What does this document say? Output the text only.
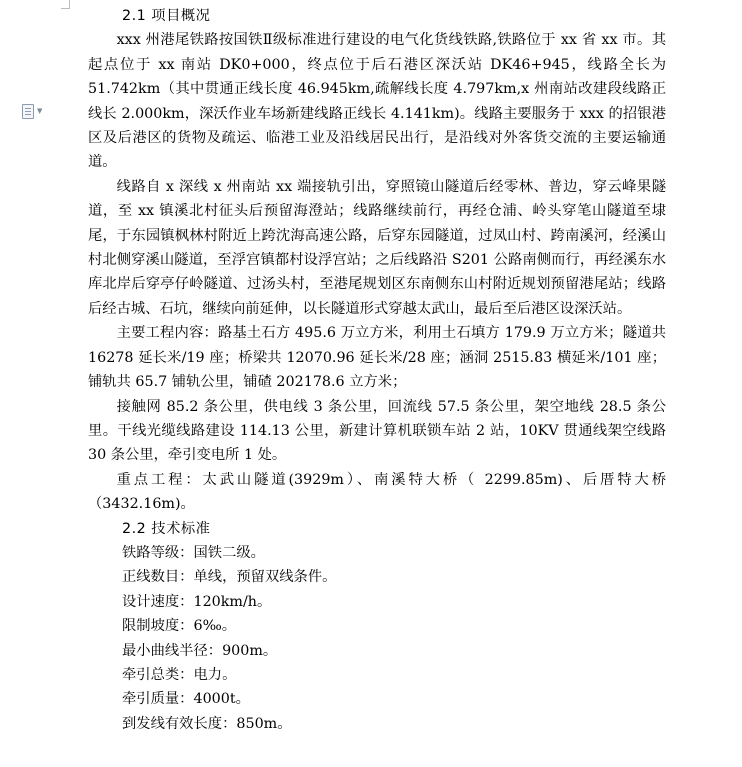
▼
2.1 项目概况

xxx 州港尾铁路按国铁Ⅱ级标准进行建设的电气化货线铁路,铁路位于 xx 省 xx 市。其起点位于 xx 南站 DK0+000，终点位于后石港区深沃站 DK46+945，线路全长为 51.742km（其中贯通正线长度 46.945km,疏解线长度 4.797km,x 州南站改建段线路正线长 2.000km，深沃作业车场新建线路正线长 4.141km)。线路主要服务于 xxx 的招银港区及后港区的货物及疏运、临港工业及沿线居民出行，是沿线对外客货交流的主要运输通道。

线路自 x 深线 x 州南站 xx 端接轨引出，穿照镜山隧道后经零林、普边，穿云峰果隧道，至 xx 镇溪北村征头后预留海澄站；线路继续前行，再经仓浦、岭头穿笔山隧道至埭尾，于东园镇枫林村附近上跨沈海高速公路，后穿东园隧道，过凤山村、跨南溪河，经溪山村北侧穿溪山隧道，至浮宫镇都村设浮宫站；之后线路沿 S201 公路南侧而行，再经溪东水库北岸后穿亭仔岭隧道、过汤头村，至港尾规划区东南侧东山村附近规划预留港尾站；线路后经古城、石坑，继续向前延伸，以长隧道形式穿越太武山，最后至后港区设深沃站。

主要工程内容：路基土石方 495.6 万立方米，利用土石填方 179.9 万立方米；隧道共 16278 延长米/19 座；桥梁共 12070.96 延长米/28 座；涵洞 2515.83 横延米/101 座；铺轨共 65.7 铺轨公里，铺碴 202178.6 立方米；

接触网 85.2 条公里，供电线 3 条公里，回流线 57.5 条公里，架空地线 28.5 条公里。干线光缆线路建设 114.13 公里，新建计算机联锁车站 2 站，10KV 贯通线架空线路 30 条公里，牵引变电所 1 处。

重点工程：太武山隧道(3929m）、南溪特大桥（ 2299.85m)、后厝特大桥（3432.16m)。

2.2 技术标准

铁路等级：国铁二级。

正线数目：单线，预留双线条件。

设计速度：120km/h。

限制坡度：6‰。

最小曲线半径：900m。

牵引总类：电力。

牵引质量：4000t。

到发线有效长度：850m。
